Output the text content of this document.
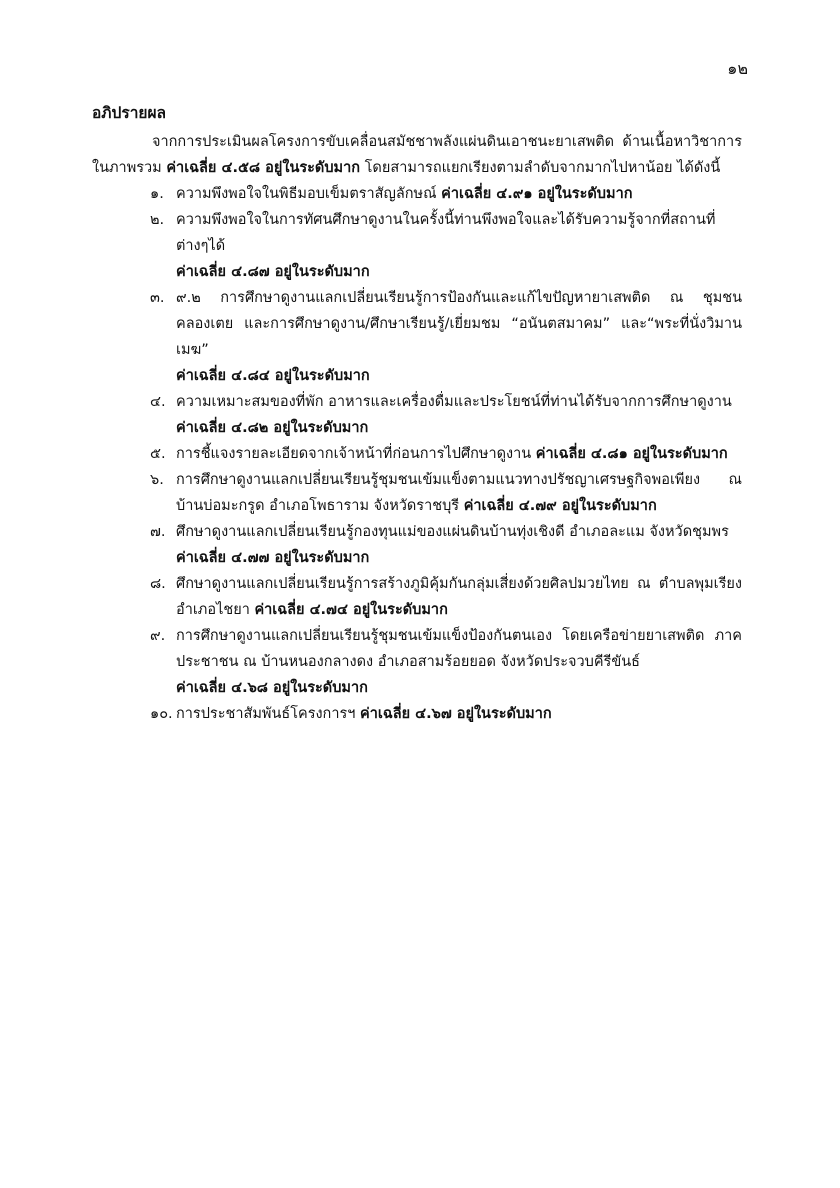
๑๒
อภิปรายผล

จากการประเมินผลโครงการขับเคลื่อนสมัชชาพลังแผ่นดินเอาชนะยาเสพติด ด้านเนื้อหาวิชาการในภาพรวม ค่าเฉลี่ย ๔.๕๘ อยู่ในระดับมาก โดยสามารถแยกเรียงตามลำดับจากมากไปหาน้อย ได้ดังนี้

๑. ความพึงพอใจในพิธีมอบเข็มตราสัญลักษณ์ ค่าเฉลี่ย ๔.๙๑ อยู่ในระดับมาก
๒. ความพึงพอใจในการทัศนศึกษาดูงานในครั้งนี้ท่านพึงพอใจและได้รับความรู้จากที่สถานที่ต่างๆได้
ค่าเฉลี่ย ๔.๘๗ อยู่ในระดับมาก
๓. ๙.๒ การศึกษาดูงานแลกเปลี่ยนเรียนรู้การป้องกันและแก้ไขปัญหายาเสพติด ณ ชุมชนคลองเตย และการศึกษาดูงาน/ศึกษาเรียนรู้/เยี่ยมชม “อนันตสมาคม” และ“พระที่นั่งวิมานเมฆ”
ค่าเฉลี่ย ๔.๘๔ อยู่ในระดับมาก
๔. ความเหมาะสมของที่พัก อาหารและเครื่องดื่มและประโยชน์ที่ท่านได้รับจากการศึกษาดูงาน
ค่าเฉลี่ย ๔.๘๒ อยู่ในระดับมาก
๕. การชี้แจงรายละเอียดจากเจ้าหน้าที่ก่อนการไปศึกษาดูงาน ค่าเฉลี่ย ๔.๘๑ อยู่ในระดับมาก
๖. การศึกษาดูงานแลกเปลี่ยนเรียนรู้ชุมชนเข้มแข็งตามแนวทางปรัชญาเศรษฐกิจพอเพียง ณ บ้านบ่อมะกรูด อำเภอโพธาราม จังหวัดราชบุรี ค่าเฉลี่ย ๔.๗๙ อยู่ในระดับมาก
๗. ศึกษาดูงานแลกเปลี่ยนเรียนรู้กองทุนแม่ของแผ่นดินบ้านทุ่งเชิงดี อำเภอละแม จังหวัดชุมพร
ค่าเฉลี่ย ๔.๗๗ อยู่ในระดับมาก
๘. ศึกษาดูงานแลกเปลี่ยนเรียนรู้การสร้างภูมิคุ้มกันกลุ่มเสี่ยงด้วยศิลปมวยไทย ณ ตำบลพุมเรียง อำเภอไชยา ค่าเฉลี่ย ๔.๗๔ อยู่ในระดับมาก
๙. การศึกษาดูงานแลกเปลี่ยนเรียนรู้ชุมชนเข้มแข็งป้องกันตนเอง โดยเครือข่ายยาเสพติด ภาคประชาชน ณ บ้านหนองกลางดง อำเภอสามร้อยยอด จังหวัดประจวบคีรีขันธ์
ค่าเฉลี่ย ๔.๖๘ อยู่ในระดับมาก
๑๐. การประชาสัมพันธ์โครงการฯ ค่าเฉลี่ย ๔.๖๗ อยู่ในระดับมาก
